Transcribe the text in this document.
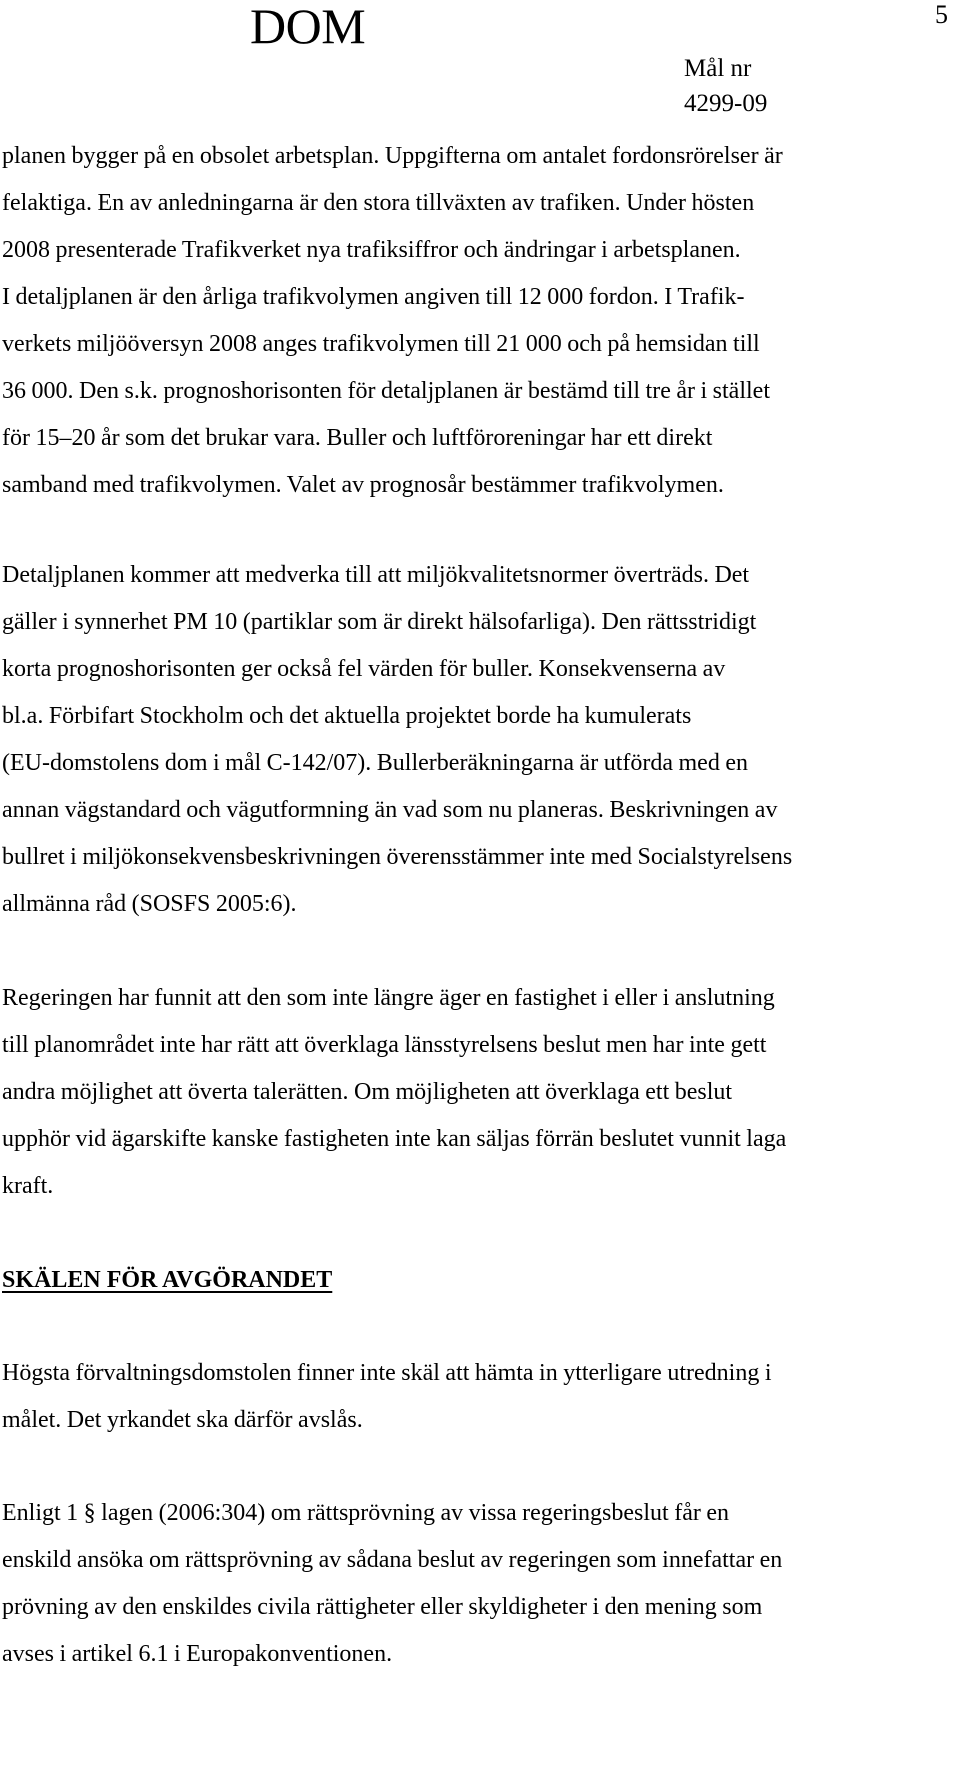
DOM	5
Mål nr
4299-09

planen bygger på en obsolet arbetsplan. Uppgifterna om antalet fordonsrörelser är
felaktiga. En av anledningarna är den stora tillväxten av trafiken. Under hösten
2008 presenterade Trafikverket nya trafiksiffror och ändringar i arbetsplanen.
I detaljplanen är den årliga trafikvolymen angiven till 12 000 fordon. I Trafik-
verkets miljööversyn 2008 anges trafikvolymen till 21 000 och på hemsidan till
36 000. Den s.k. prognoshorisonten för detaljplanen är bestämd till tre år i stället
för 15–20 år som det brukar vara. Buller och luftföroreningar har ett direkt
samband med trafikvolymen. Valet av prognosår bestämmer trafikvolymen.

Detaljplanen kommer att medverka till att miljökvalitetsnormer överträds. Det
gäller i synnerhet PM 10 (partiklar som är direkt hälsofarliga). Den rättsstridigt
korta prognoshorisonten ger också fel värden för buller. Konsekvenserna av
bl.a. Förbifart Stockholm och det aktuella projektet borde ha kumulerats
(EU-domstolens dom i mål C-142/07). Bullerberäkningarna är utförda med en
annan vägstandard och vägutformning än vad som nu planeras. Beskrivningen av
bullret i miljökonsekvensbeskrivningen överensstämmer inte med Socialstyrelsens
allmänna råd (SOSFS 2005:6).

Regeringen har funnit att den som inte längre äger en fastighet i eller i anslutning
till planområdet inte har rätt att överklaga länsstyrelsens beslut men har inte gett
andra möjlighet att överta talerätten. Om möjligheten att överklaga ett beslut
upphör vid ägarskifte kanske fastigheten inte kan säljas förrän beslutet vunnit laga
kraft.

SKÄLEN FÖR AVGÖRANDET

Högsta förvaltningsdomstolen finner inte skäl att hämta in ytterligare utredning i
målet. Det yrkandet ska därför avslås.

Enligt 1 § lagen (2006:304) om rättsprövning av vissa regeringsbeslut får en
enskild ansöka om rättsprövning av sådana beslut av regeringen som innefattar en
prövning av den enskildes civila rättigheter eller skyldigheter i den mening som
avses i artikel 6.1 i Europakonventionen.
